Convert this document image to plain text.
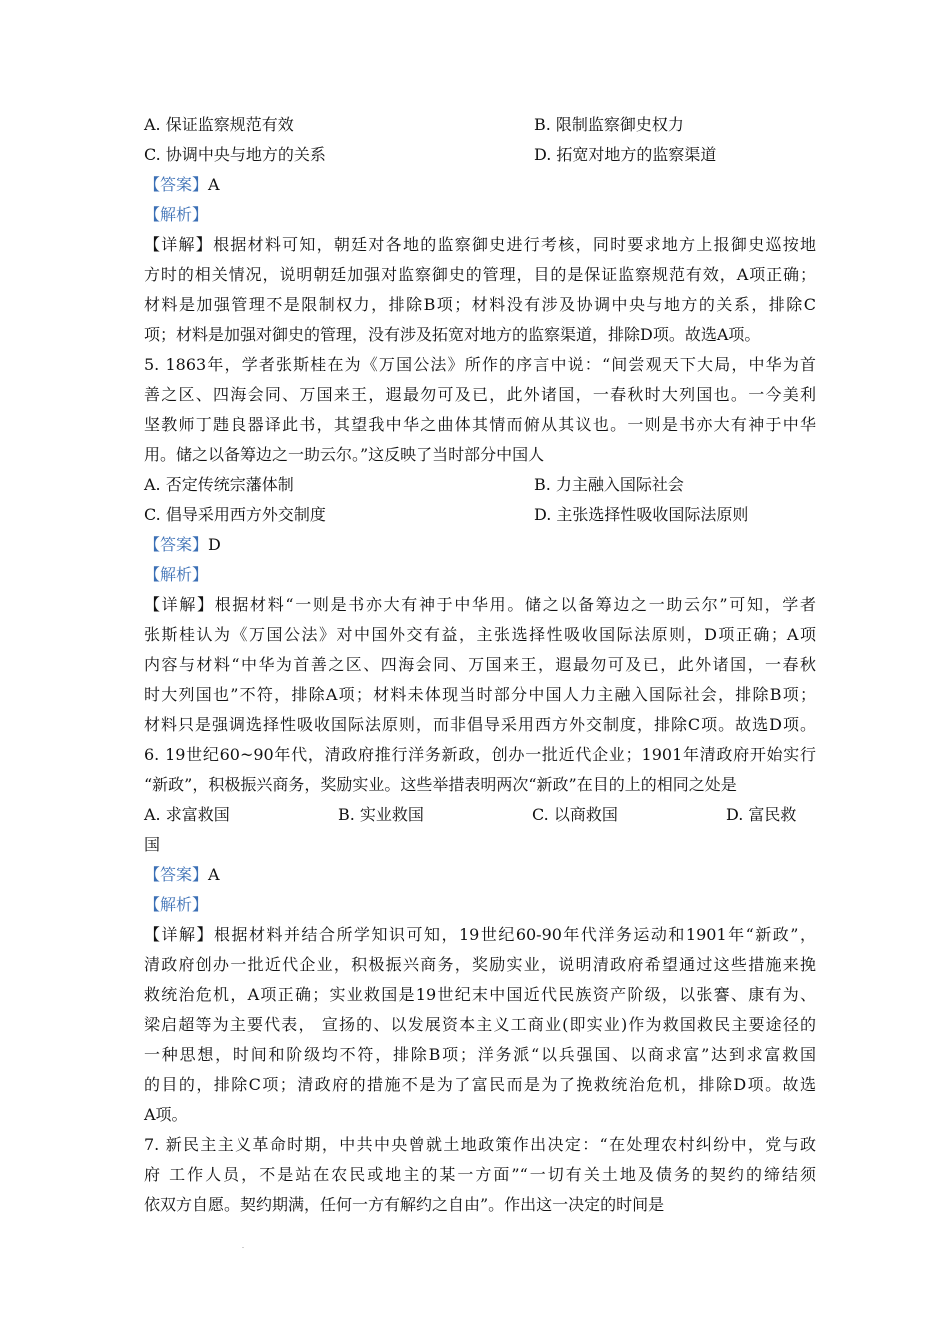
A. 保证监察规范有效	B. 限制监察御史权力
C. 协调中央与地方的关系	D. 拓宽对地方的监察渠道
【答案】A
【解析】
【详解】根据材料可知，朝廷对各地的监察御史进行考核，同时要求地方上报御史巡按地
方时的相关情况，说明朝廷加强对监察御史的管理，目的是保证监察规范有效，A项正确；
材料是加强管理不是限制权力，排除B项；材料没有涉及协调中央与地方的关系，排除C
项；材料是加强对御史的管理，没有涉及拓宽对地方的监察渠道，排除D项。故选A项。
5. 1863年，学者张斯桂在为《万国公法》所作的序言中说：“间尝观天下大局，中华为首
善之区、四海会同、万国来王，遐最勿可及已，此外诸国，一春秋时大列国也。一今美利
坚教师丁韪良器译此书，其望我中华之曲体其情而俯从其议也。一则是书亦大有神于中华
用。储之以备筹边之一助云尔。”这反映了当时部分中国人
A. 否定传统宗藩体制	B. 力主融入国际社会
C. 倡导采用西方外交制度	D. 主张选择性吸收国际法原则
【答案】D
【解析】
【详解】根据材料“一则是书亦大有神于中华用。储之以备筹边之一助云尔”可知，学者
张斯桂认为《万国公法》对中国外交有益，主张选择性吸收国际法原则，D项正确；A项
内容与材料“中华为首善之区、四海会同、万国来王，遐最勿可及已，此外诸国，一春秋
时大列国也”不符，排除A项；材料未体现当时部分中国人力主融入国际社会，排除B项；
材料只是强调选择性吸收国际法原则，而非倡导采用西方外交制度，排除C项。故选D项。
6. 19世纪60~90年代，清政府推行洋务新政，创办一批近代企业；1901年清政府开始实行
“新政”，积极振兴商务，奖励实业。这些举措表明两次“新政”在目的上的相同之处是
A. 求富救国	B. 实业救国	C. 以商救国	D. 富民救
国
【答案】A
【解析】
【详解】根据材料并结合所学知识可知，19世纪60-90年代洋务运动和1901年“新政”，
清政府创办一批近代企业，积极振兴商务，奖励实业，说明清政府希望通过这些措施来挽
救统治危机，A项正确；实业救国是19世纪末中国近代民族资产阶级，以张謇、康有为、
梁启超等为主要代表， 宣扬的、以发展资本主义工商业(即实业)作为救国救民主要途径的
一种思想，时间和阶级均不符，排除B项；洋务派“以兵强国、以商求富”达到求富救国
的目的，排除C项；清政府的措施不是为了富民而是为了挽救统治危机，排除D项。故选
A项。
7. 新民主主义革命时期，中共中央曾就土地政策作出决定：“在处理农村纠纷中，党与政
府 工作人员，不是站在农民或地主的某一方面”“一切有关土地及债务的契约的缔结须
依双方自愿。契约期满，任何一方有解约之自由”。作出这一决定的时间是
